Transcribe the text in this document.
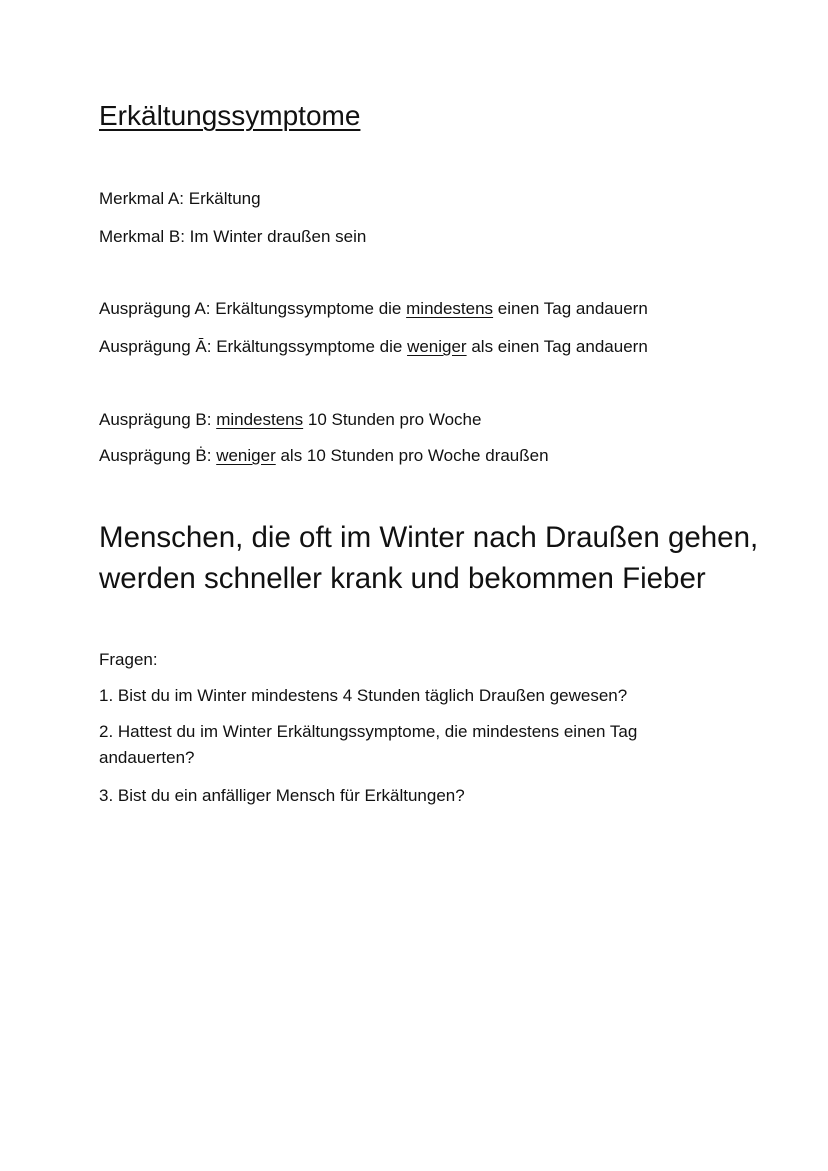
Erkältungssymptome

Merkmal A: Erkältung

Merkmal B: Im Winter draußen sein

Ausprägung A: Erkältungssymptome die mindestens einen Tag andauern

Ausprägung Ā: Erkältungssymptome die weniger als einen Tag andauern

Ausprägung B: mindestens 10 Stunden pro Woche

Ausprägung Ḃ: weniger als 10 Stunden pro Woche draußen

Menschen, die oft im Winter nach Draußen gehen,
werden schneller krank und bekommen Fieber

Fragen:

1. Bist du im Winter mindestens 4 Stunden täglich Draußen gewesen?

2. Hattest du im Winter Erkältungssymptome, die mindestens einen Tag andauerten?

3. Bist du ein anfälliger Mensch für Erkältungen?
